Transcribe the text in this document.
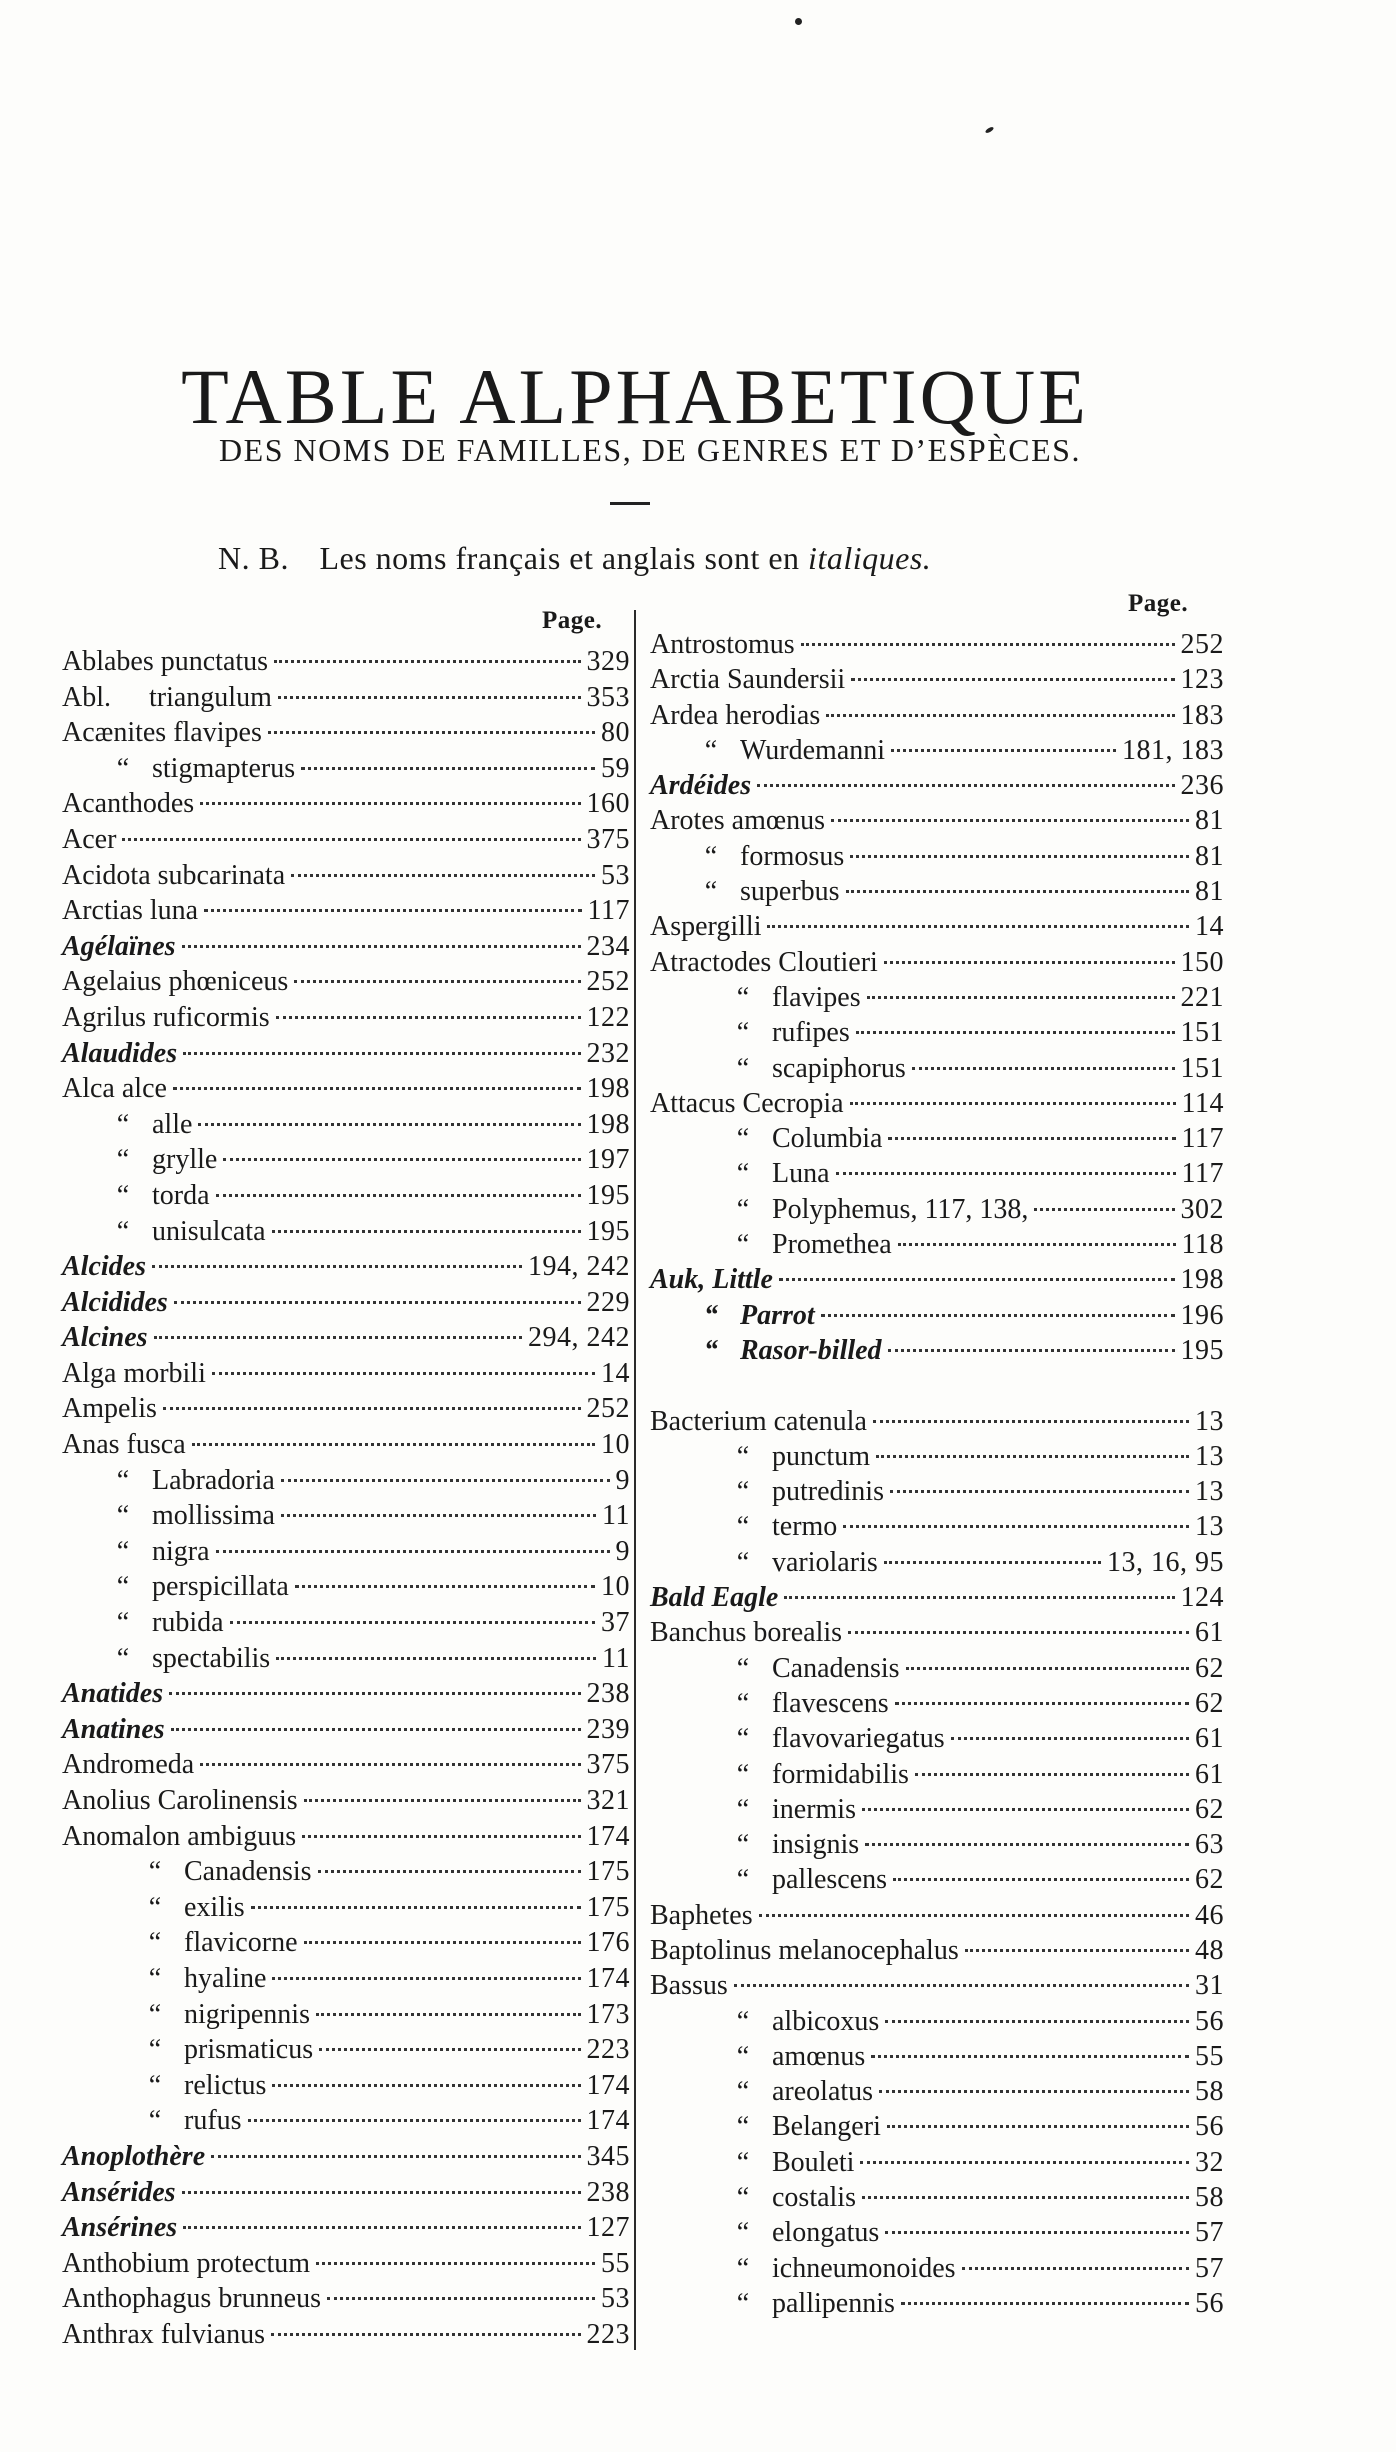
TABLE ALPHABETIQUE
DES NOMS DE FAMILLES, DE GENRES ET D’ESPÈCES.
N. B. Les noms français et anglais sont en italiques.
Page.
Ablabes punctatus	329
Abl. triangulum	353
Acænites flavipes	80
“ stigmapterus	59
Acanthodes	160
Acer	375
Acidota subcarinata	53
Arctias luna	117
Agélaïnes	234
Agelaius phœniceus	252
Agrilus ruficormis	122
Alaudides	232
Alca alce	198
“ alle	198
“ grylle	197
“ torda	195
“ unisulcata	195
Alcides	194, 242
Alcidides	229
Alcines	294, 242
Alga morbili	14
Ampelis	252
Anas fusca	10
“ Labradoria	9
“ mollissima	11
“ nigra	9
“ perspicillata	10
“ rubida	37
“ spectabilis	11
Anatides	238
Anatines	239
Andromeda	375
Anolius Carolinensis	321
Anomalon ambiguus	174
“ Canadensis	175
“ exilis	175
“ flavicorne	176
“ hyaline	174
“ nigripennis	173
“ prismaticus	223
“ relictus	174
“ rufus	174
Anoplothère	345
Ansérides	238
Ansérines	127
Anthobium protectum	55
Anthophagus brunneus	53
Anthrax fulvianus	223
Page.
Antrostomus	252
Arctia Saundersii	123
Ardea herodias	183
“ Wurdemanni	181, 183
Ardéides	236
Arotes amœnus	81
“ formosus	81
“ superbus	81
Aspergilli	14
Atractodes Cloutieri	150
“ flavipes	221
“ rufipes	151
“ scapiphorus	151
Attacus Cecropia	114
“ Columbia	117
“ Luna	117
“ Polyphemus, 117, 138,	302
“ Promethea	118
Auk, Little	198
“ Parrot	196
“ Rasor-billed	195
Bacterium catenula	13
“ punctum	13
“ putredinis	13
“ termo	13
“ variolaris	13, 16, 95
Bald Eagle	124
Banchus borealis	61
“ Canadensis	62
“ flavescens	62
“ flavovariegatus	61
“ formidabilis	61
“ inermis	62
“ insignis	63
“ pallescens	62
Baphetes	46
Baptolinus melanocephalus	48
Bassus	31
“ albicoxus	56
“ amœnus	55
“ areolatus	58
“ Belangeri	56
“ Bouleti	32
“ costalis	58
“ elongatus	57
“ ichneumonoides	57
“ pallipennis	56
